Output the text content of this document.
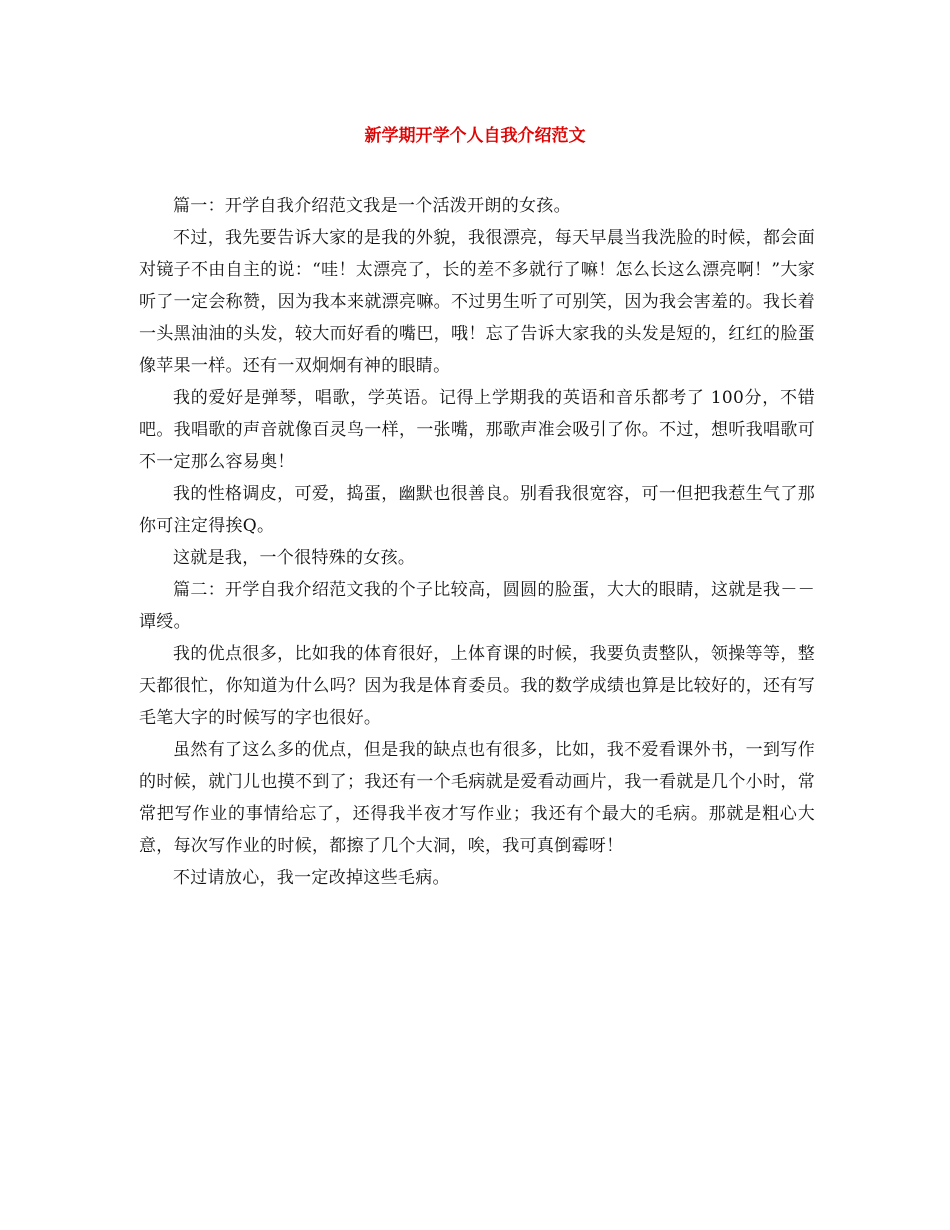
新学期开学个人自我介绍范文

篇一：开学自我介绍范文我是一个活泼开朗的女孩。

不过，我先要告诉大家的是我的外貌，我很漂亮，每天早晨当我洗脸的时候，都会面对镜子不由自主的说：“哇！太漂亮了，长的差不多就行了嘛！怎么长这么漂亮啊！”大家听了一定会称赞，因为我本来就漂亮嘛。不过男生听了可别笑，因为我会害羞的。我长着一头黑油油的头发，较大而好看的嘴巴，哦！忘了告诉大家我的头发是短的，红红的脸蛋像苹果一样。还有一双炯炯有神的眼睛。

我的爱好是弹琴，唱歌，学英语。记得上学期我的英语和音乐都考了 100分，不错吧。我唱歌的声音就像百灵鸟一样，一张嘴，那歌声准会吸引了你。不过，想听我唱歌可不一定那么容易奥！

我的性格调皮，可爱，捣蛋，幽默也很善良。别看我很宽容，可一但把我惹生气了那你可注定得挨Q。

这就是我，一个很特殊的女孩。

篇二：开学自我介绍范文我的个子比较高，圆圆的脸蛋，大大的眼睛，这就是我－－谭绶。

我的优点很多，比如我的体育很好，上体育课的时候，我要负责整队，领操等等，整天都很忙，你知道为什么吗？因为我是体育委员。我的数学成绩也算是比较好的，还有写毛笔大字的时候写的字也很好。

虽然有了这么多的优点，但是我的缺点也有很多，比如，我不爱看课外书，一到写作的时候，就门儿也摸不到了；我还有一个毛病就是爱看动画片，我一看就是几个小时，常常把写作业的事情给忘了，还得我半夜才写作业；我还有个最大的毛病。那就是粗心大意，每次写作业的时候，都擦了几个大洞，唉，我可真倒霉呀！

不过请放心，我一定改掉这些毛病。
